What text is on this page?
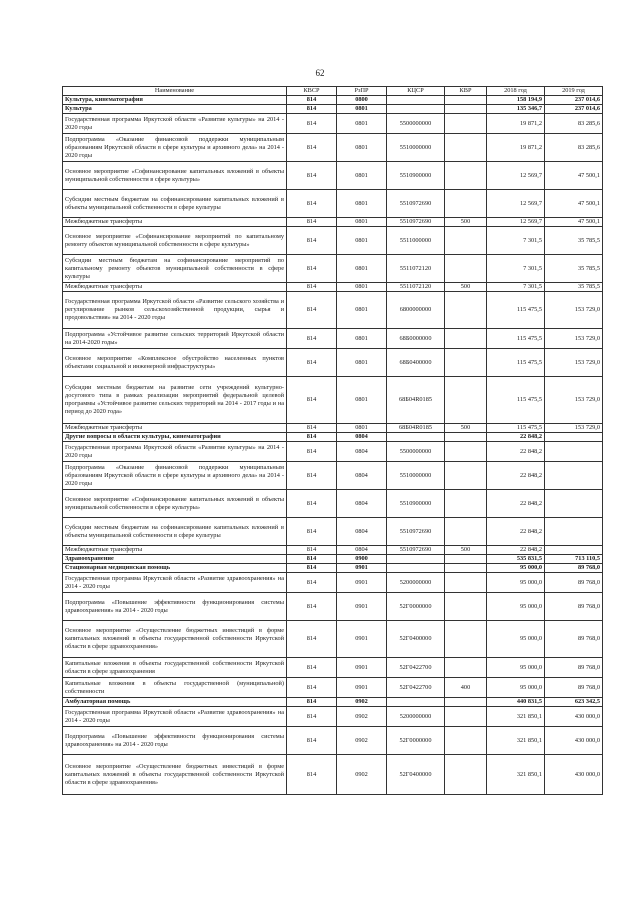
62
Наименование	КВСР	РзПР	КЦСР	КВР	2018 год	2019 год
Культура, кинематография	814	0800			158 194,9	237 014,6
Культура	814	0801			135 346,7	237 014,6
Государственная программа Иркутской области «Развитие культуры» на 2014 - 2020 годы	814	0801	5500000000		19 871,2	83 285,6
Подпрограмма «Оказание финансовой поддержки муниципальным образованиям Иркутской области в сфере культуры и архивного дела» на 2014 - 2020 годы	814	0801	5510000000		19 871,2	83 285,6
Основное мероприятие «Софинансирование капитальных вложений в объекты муниципальной собственности в сфере культуры»	814	0801	5510900000		12 569,7	47 500,1
Субсидии местным бюджетам на софинансирование капитальных вложений в объекты муниципальной собственности в сфере культуры	814	0801	5510972690		12 569,7	47 500,1
Межбюджетные трансферты	814	0801	5510972690	500	12 569,7	47 500,1
Основное мероприятие «Софинансирование мероприятий по капитальному ремонту объектов муниципальной собственности в сфере культуры»	814	0801	5511000000		7 301,5	35 785,5
Субсидии местным бюджетам на софинансирование мероприятий по капитальному ремонту объектов муниципальной собственности в сфере культуры	814	0801	5511072120		7 301,5	35 785,5
Межбюджетные трансферты	814	0801	5511072120	500	7 301,5	35 785,5
Государственная программа Иркутской области «Развитие сельского хозяйства и регулирование рынков сельскохозяйственной продукции, сырья и продовольствия» на 2014 - 2020 годы	814	0801	6800000000		115 475,5	153 729,0
Подпрограмма «Устойчивое развитие сельских территорий Иркутской области на 2014-2020 годы»	814	0801	68Б0000000		115 475,5	153 729,0
Основное мероприятие «Комплексное обустройство населенных пунктов объектами социальной и инженерной инфраструктуры»	814	0801	68Б0400000		115 475,5	153 729,0
Субсидии местным бюджетам на развитие сети учреждений культурно-досугового типа в рамках реализации мероприятий федеральной целевой программы «Устойчивое развитие сельских территорий на 2014 - 2017 годы и на период до 2020 года»	814	0801	68Б04R0185		115 475,5	153 729,0
Межбюджетные трансферты	814	0801	68Б04R0185	500	115 475,5	153 729,0
Другие вопросы в области культуры, кинематографии	814	0804			22 848,2	
Государственная программа Иркутской области «Развитие культуры» на 2014 - 2020 годы	814	0804	5500000000		22 848,2	
Подпрограмма «Оказание финансовой поддержки муниципальным образованиям Иркутской области в сфере культуры и архивного дела» на 2014 - 2020 годы	814	0804	5510000000		22 848,2	
Основное мероприятие «Софинансирование капитальных вложений в объекты муниципальной собственности в сфере культуры»	814	0804	5510900000		22 848,2	
Субсидии местным бюджетам на софинансирование капитальных вложений в объекты муниципальной собственности в сфере культуры	814	0804	5510972690		22 848,2	
Межбюджетные трансферты	814	0804	5510972690	500	22 848,2	
Здравоохранение	814	0900			535 831,5	713 110,5
Стационарная медицинская помощь	814	0901			95 000,0	89 768,0
Государственная программа Иркутской области «Развитие здравоохранения» на 2014 - 2020 годы	814	0901	5200000000		95 000,0	89 768,0
Подпрограмма «Повышение эффективности функционирования системы здравоохранения» на 2014 - 2020 годы	814	0901	52Г0000000		95 000,0	89 768,0
Основное мероприятие «Осуществление бюджетных инвестиций в форме капитальных вложений в объекты государственной собственности Иркутской области в сфере здравоохранения»	814	0901	52Г0400000		95 000,0	89 768,0
Капитальные вложения в объекты государственной собственности Иркутской области в сфере здравоохранения	814	0901	52Г0422700		95 000,0	89 768,0
Капитальные вложения в объекты государственной (муниципальной) собственности	814	0901	52Г0422700	400	95 000,0	89 768,0
Амбулаторная помощь	814	0902			440 831,5	623 342,5
Государственная программа Иркутской области «Развитие здравоохранения» на 2014 - 2020 годы	814	0902	5200000000		321 850,1	430 000,0
Подпрограмма «Повышение эффективности функционирования системы здравоохранения» на 2014 - 2020 годы	814	0902	52Г0000000		321 850,1	430 000,0
Основное мероприятие «Осуществление бюджетных инвестиций в форме капитальных вложений в объекты государственной собственности Иркутской области в сфере здравоохранения»	814	0902	52Г0400000		321 850,1	430 000,0
